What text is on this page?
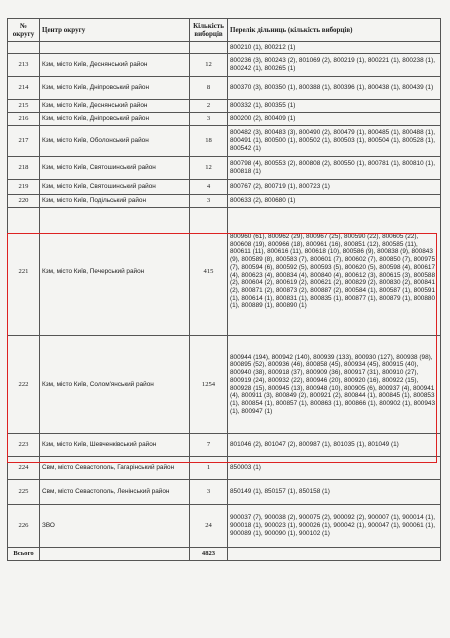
№ округу	Центр округу	Кількість виборців	Перелік дільниць (кількість виборців)
			800210 (1), 800212 (1)
213	Кзм, місто Київ, Деснянський район	12	800236 (3), 800243 (2), 801069 (2), 800219 (1), 800221 (1), 800238 (1), 800242 (1), 800265 (1)
214	Кзм, місто Київ, Дніпровський район	8	800370 (3), 800350 (1), 800388 (1), 800396 (1), 800438 (1), 800439 (1)
215	Кзм, місто Київ, Деснянський район	2	800332 (1), 800355 (1)
216	Кзм, місто Київ, Дніпровський район	3	800200 (2), 800409 (1)
217	Кзм, місто Київ, Оболонський район	18	800482 (3), 800483 (3), 800490 (2), 800479 (1), 800485 (1), 800488 (1), 800491 (1), 800500 (1), 800502 (1), 800503 (1), 800504 (1), 800528 (1), 800542 (1)
218	Кзм, місто Київ, Святошинський район	12	800798 (4), 800553 (2), 800808 (2), 800550 (1), 800781 (1), 800810 (1), 800818 (1)
219	Кзм, місто Київ, Святошинський район	4	800767 (2), 800719 (1), 800723 (1)
220	Кзм, місто Київ, Подільський район	3	800633 (2), 800680 (1)
221	Кзм, місто Київ, Печерський район	415	800960 (61), 800962 (29), 800967 (25), 800590 (22), 800605 (22), 800608 (19), 800966 (18), 800961 (16), 800851 (12), 800585 (11), 800611 (11), 800616 (11), 800618 (10), 800586 (9), 800838 (9), 800843 (9), 800589 (8), 800583 (7), 800601 (7), 800602 (7), 800850 (7), 800975 (7), 800594 (6), 800592 (5), 800593 (5), 800620 (5), 800598 (4), 800617 (4), 800623 (4), 800834 (4), 800840 (4), 800612 (3), 800615 (3), 800588 (2), 800604 (2), 800619 (2), 800621 (2), 800829 (2), 800830 (2), 800841 (2), 800871 (2), 800873 (2), 800887 (2), 800584 (1), 800587 (1), 800591 (1), 800614 (1), 800831 (1), 800835 (1), 800877 (1), 800879 (1), 800880 (1), 800889 (1), 800890 (1)
222	Кзм, місто Київ, Солом'янський район	1254	800944 (194), 800942 (140), 800939 (133), 800930 (127), 800938 (98), 800895 (52), 800936 (46), 800858 (45), 800934 (45), 800915 (40), 800940 (38), 800918 (37), 800909 (36), 800917 (31), 800910 (27), 800919 (24), 800932 (22), 800946 (20), 800920 (16), 800922 (15), 800928 (15), 800945 (13), 800948 (10), 800905 (6), 800937 (4), 800941 (4), 800911 (3), 800849 (2), 800921 (2), 800844 (1), 800845 (1), 800853 (1), 800854 (1), 800857 (1), 800863 (1), 800866 (1), 800902 (1), 800943 (1), 800947 (1)
223	Кзм, місто Київ, Шевченківський район	7	801046 (2), 801047 (2), 800987 (1), 801035 (1), 801049 (1)
224	Свм, місто Севастополь, Гагарінський район	1	850003 (1)
225	Свм, місто Севастополь, Ленінський район	3	850149 (1), 850157 (1), 850158 (1)
226	ЗВО	24	900037 (7), 900038 (2), 900075 (2), 900092 (2), 900007 (1), 900014 (1), 900018 (1), 900023 (1), 900026 (1), 900042 (1), 900047 (1), 900061 (1), 900089 (1), 900090 (1), 900102 (1)
Всього		4823	
